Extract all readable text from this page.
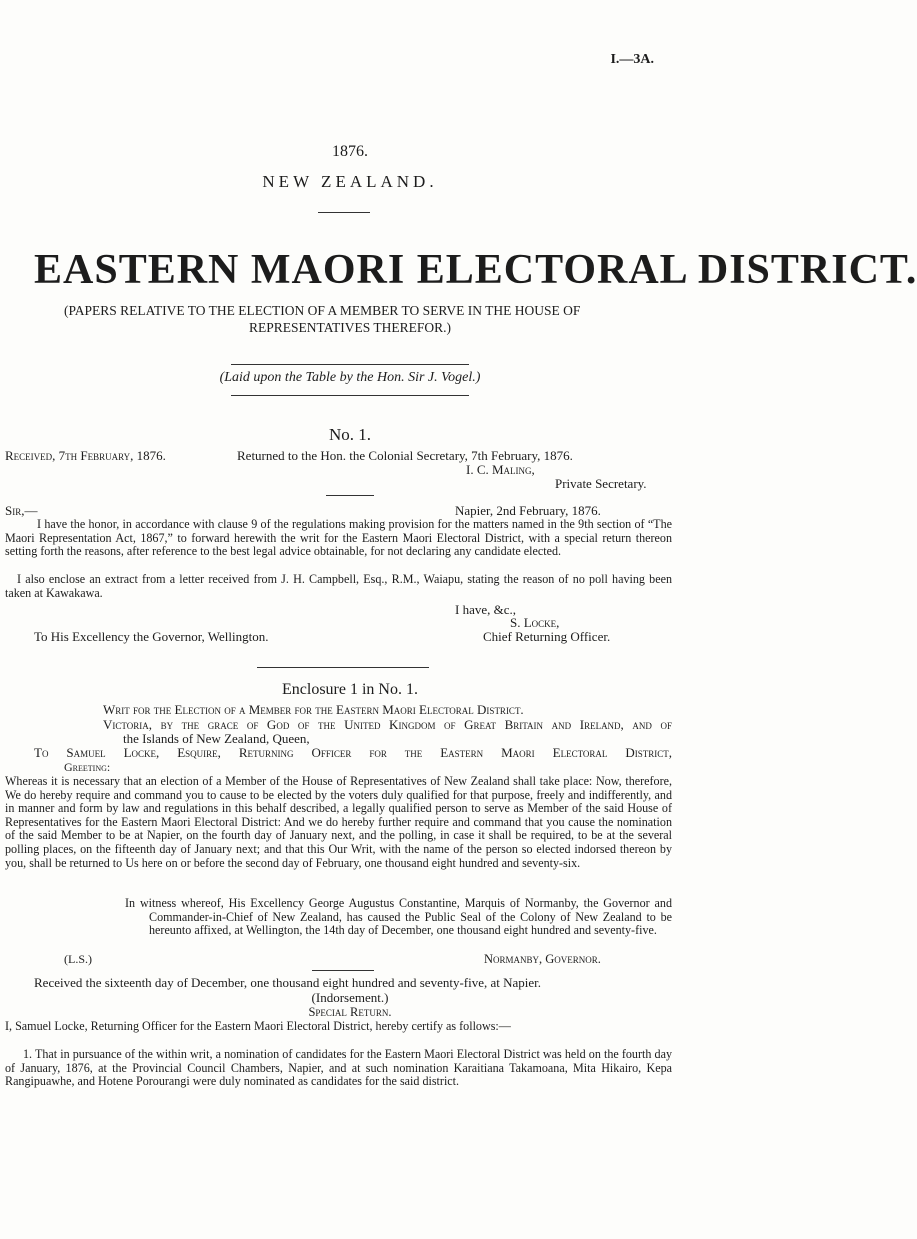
I.—3A.
1876.
NEW ZEALAND.
EASTERN MAORI ELECTORAL DISTRICT.
(PAPERS RELATIVE TO THE ELECTION OF A MEMBER TO SERVE IN THE HOUSE OF
REPRESENTATIVES THEREFOR.)
(Laid upon the Table by the Hon. Sir J. Vogel.)
No. 1.
Received, 7th February, 1876.	Returned to the Hon. the Colonial Secretary, 7th February, 1876.
I. C. Maling,
Private Secretary.
Sir,—	Napier, 2nd February, 1876.

I have the honor, in accordance with clause 9 of the regulations making provision for the matters named in the 9th section of “The Maori Representation Act, 1867,” to forward herewith the writ for the Eastern Maori Electoral District, with a special return thereon setting forth the reasons, after reference to the best legal advice obtainable, for not declaring any candidate elected.

I also enclose an extract from a letter received from J. H. Campbell, Esq., R.M., Waiapu, stating the reason of no poll having been taken at Kawakawa.

I have, &c.,
S. Locke,
Chief Returning Officer.
To His Excellency the Governor, Wellington.
Enclosure 1 in No. 1.
Writ for the Election of a Member for the Eastern Maori Electoral District.
Victoria, by the grace of God of the United Kingdom of Great Britain and Ireland, and of
the Islands of New Zealand, Queen,
To Samuel Locke, Esquire, Returning Officer for the Eastern Maori Electoral District,
Greeting:

Whereas it is necessary that an election of a Member of the House of Representatives of New Zealand shall take place: Now, therefore, We do hereby require and command you to cause to be elected by the voters duly qualified for that purpose, freely and indifferently, and in manner and form by law and regulations in this behalf described, a legally qualified person to serve as Member of the said House of Representatives for the Eastern Maori Electoral District: And we do hereby further require and command that you cause the nomination of the said Member to be at Napier, on the fourth day of January next, and the polling, in case it shall be required, to be at the several polling places, on the fifteenth day of January next; and that this Our Writ, with the name of the person so elected indorsed thereon by you, shall be returned to Us here on or before the second day of February, one thousand eight hundred and seventy-six.

In witness whereof, His Excellency George Augustus Constantine, Marquis of Normanby, the Governor and Commander-in-Chief of New Zealand, has caused the Public Seal of the Colony of New Zealand to be hereunto affixed, at Wellington, the 14th day of December, one thousand eight hundred and seventy-five.

(L.S.)	Normanby, Governor.
Received the sixteenth day of December, one thousand eight hundred and seventy-five, at Napier.
(Indorsement.)
Special Return.

I, Samuel Locke, Returning Officer for the Eastern Maori Electoral District, hereby certify as follows:—

1. That in pursuance of the within writ, a nomination of candidates for the Eastern Maori Electoral District was held on the fourth day of January, 1876, at the Provincial Council Chambers, Napier, and at such nomination Karaitiana Takamoana, Mita Hikairo, Kepa Rangipuawhe, and Hotene Porourangi were duly nominated as candidates for the said district.
